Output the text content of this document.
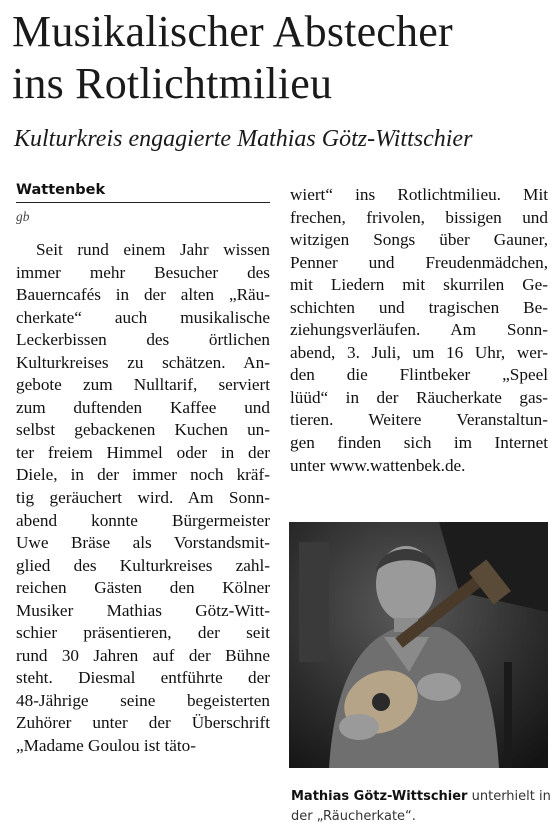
Musikalischer Abstecher
ins Rotlichtmilieu

Kulturkreis engagierte Mathias Götz-Wittschier

Wattenbek

gb

Seit rund einem Jahr wissen
immer mehr Besucher des
Bauerncafés in der alten „Räu-
cherkate“ auch musikalische
Leckerbissen des örtlichen
Kulturkreises zu schätzen. An-
gebote zum Nulltarif, serviert
zum duftenden Kaffee und
selbst gebackenen Kuchen un-
ter freiem Himmel oder in der
Diele, in der immer noch kräf-
tig geräuchert wird. Am Sonn-
abend konnte Bürgermeister
Uwe Bräse als Vorstandsmit-
glied des Kulturkreises zahl-
reichen Gästen den Kölner
Musiker Mathias Götz-Witt-
schier präsentieren, der seit
rund 30 Jahren auf der Bühne
steht. Diesmal entführte der
48-Jährige seine begeisterten
Zuhörer unter der Überschrift
„Madame Goulou ist täto-
wiert“ ins Rotlichtmilieu. Mit
frechen, frivolen, bissigen und
witzigen Songs über Gauner,
Penner und Freudenmädchen,
mit Liedern mit skurrilen Ge-
schichten und tragischen Be-
ziehungsverläufen. Am Sonn-
abend, 3. Juli, um 16 Uhr, wer-
den die Flintbeker „Speel
lüüd“ in der Räucherkate gas-
tieren. Weitere Veranstaltun-
gen finden sich im Internet
unter www.wattenbek.de.

Mathias Götz-Wittschier unterhielt in der „Räucherkate“.
